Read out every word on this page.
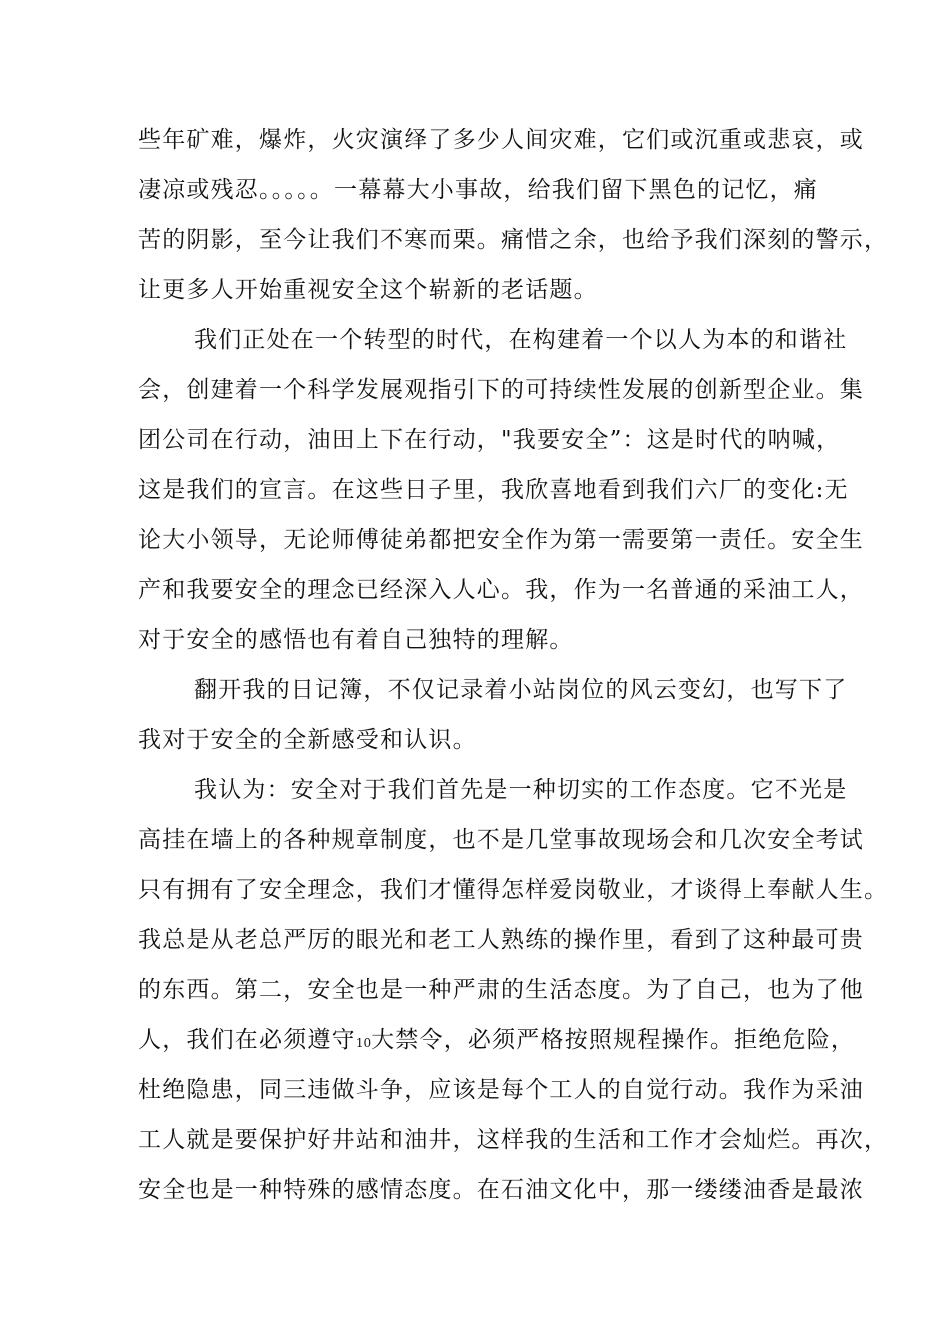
些年矿难，爆炸，火灾演绎了多少人间灾难，它们或沉重或悲哀，或
凄凉或残忍。。。。。一幕幕大小事故，给我们留下黑色的记忆，痛
苦的阴影，至今让我们不寒而栗。痛惜之余，也给予我们深刻的警示，
让更多人开始重视安全这个崭新的老话题。
我们正处在一个转型的时代，在构建着一个以人为本的和谐社
会，创建着一个科学发展观指引下的可持续性发展的创新型企业。集
团公司在行动，油田上下在行动，"我要安全”：这是时代的呐喊，
这是我们的宣言。在这些日子里，我欣喜地看到我们六厂的变化:无
论大小领导，无论师傅徒弟都把安全作为第一需要第一责任。安全生
产和我要安全的理念已经深入人心。我，作为一名普通的采油工人，
对于安全的感悟也有着自己独特的理解。
翻开我的日记簿，不仅记录着小站岗位的风云变幻，也写下了
我对于安全的全新感受和认识。
我认为：安全对于我们首先是一种切实的工作态度。它不光是
高挂在墙上的各种规章制度，也不是几堂事故现场会和几次安全考试
只有拥有了安全理念，我们才懂得怎样爱岗敬业，才谈得上奉献人生。
我总是从老总严厉的眼光和老工人熟练的操作里，看到了这种最可贵
的东西。第二，安全也是一种严肃的生活态度。为了自己，也为了他
人，我们在必须遵守10大禁令，必须严格按照规程操作。拒绝危险，
杜绝隐患，同三违做斗争，应该是每个工人的自觉行动。我作为采油
工人就是要保护好井站和油井，这样我的生活和工作才会灿烂。再次，
安全也是一种特殊的感情态度。在石油文化中，那一缕缕油香是最浓
